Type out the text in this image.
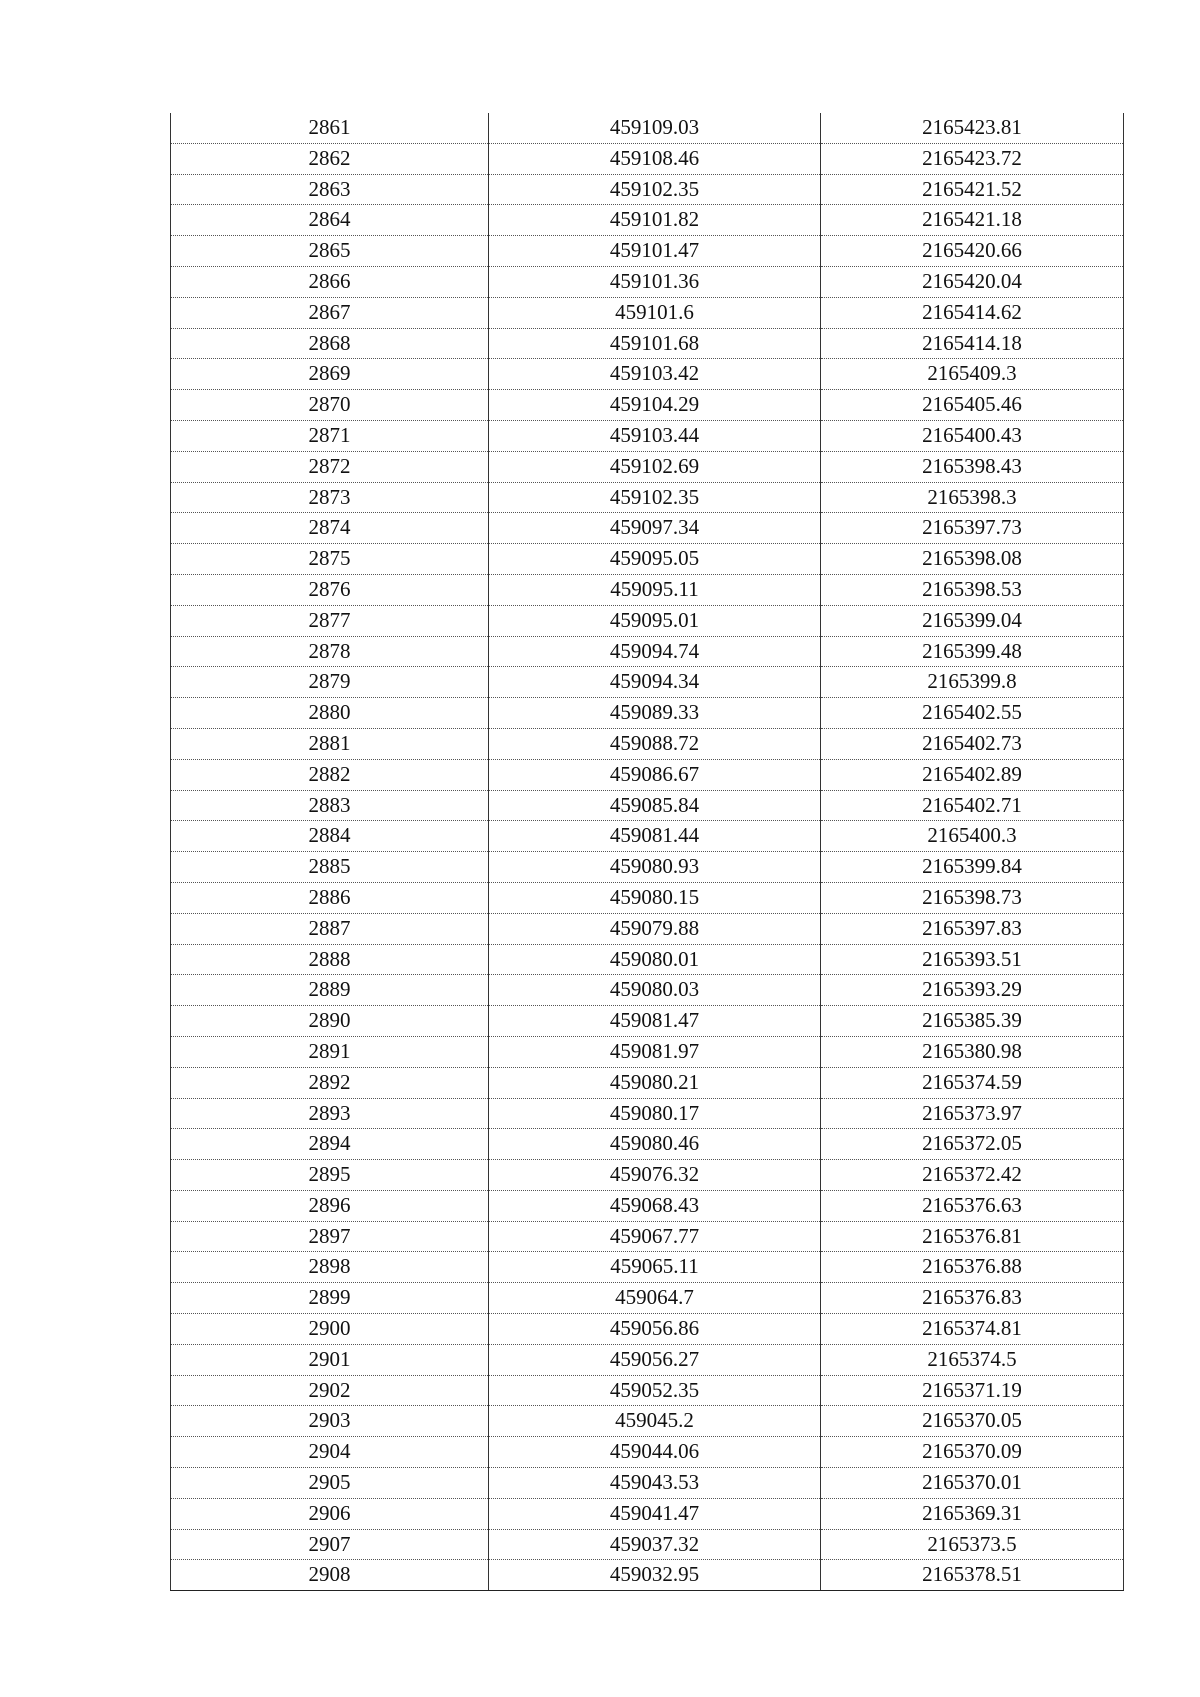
2861	459109.03	2165423.81
2862	459108.46	2165423.72
2863	459102.35	2165421.52
2864	459101.82	2165421.18
2865	459101.47	2165420.66
2866	459101.36	2165420.04
2867	459101.6	2165414.62
2868	459101.68	2165414.18
2869	459103.42	2165409.3
2870	459104.29	2165405.46
2871	459103.44	2165400.43
2872	459102.69	2165398.43
2873	459102.35	2165398.3
2874	459097.34	2165397.73
2875	459095.05	2165398.08
2876	459095.11	2165398.53
2877	459095.01	2165399.04
2878	459094.74	2165399.48
2879	459094.34	2165399.8
2880	459089.33	2165402.55
2881	459088.72	2165402.73
2882	459086.67	2165402.89
2883	459085.84	2165402.71
2884	459081.44	2165400.3
2885	459080.93	2165399.84
2886	459080.15	2165398.73
2887	459079.88	2165397.83
2888	459080.01	2165393.51
2889	459080.03	2165393.29
2890	459081.47	2165385.39
2891	459081.97	2165380.98
2892	459080.21	2165374.59
2893	459080.17	2165373.97
2894	459080.46	2165372.05
2895	459076.32	2165372.42
2896	459068.43	2165376.63
2897	459067.77	2165376.81
2898	459065.11	2165376.88
2899	459064.7	2165376.83
2900	459056.86	2165374.81
2901	459056.27	2165374.5
2902	459052.35	2165371.19
2903	459045.2	2165370.05
2904	459044.06	2165370.09
2905	459043.53	2165370.01
2906	459041.47	2165369.31
2907	459037.32	2165373.5
2908	459032.95	2165378.51
